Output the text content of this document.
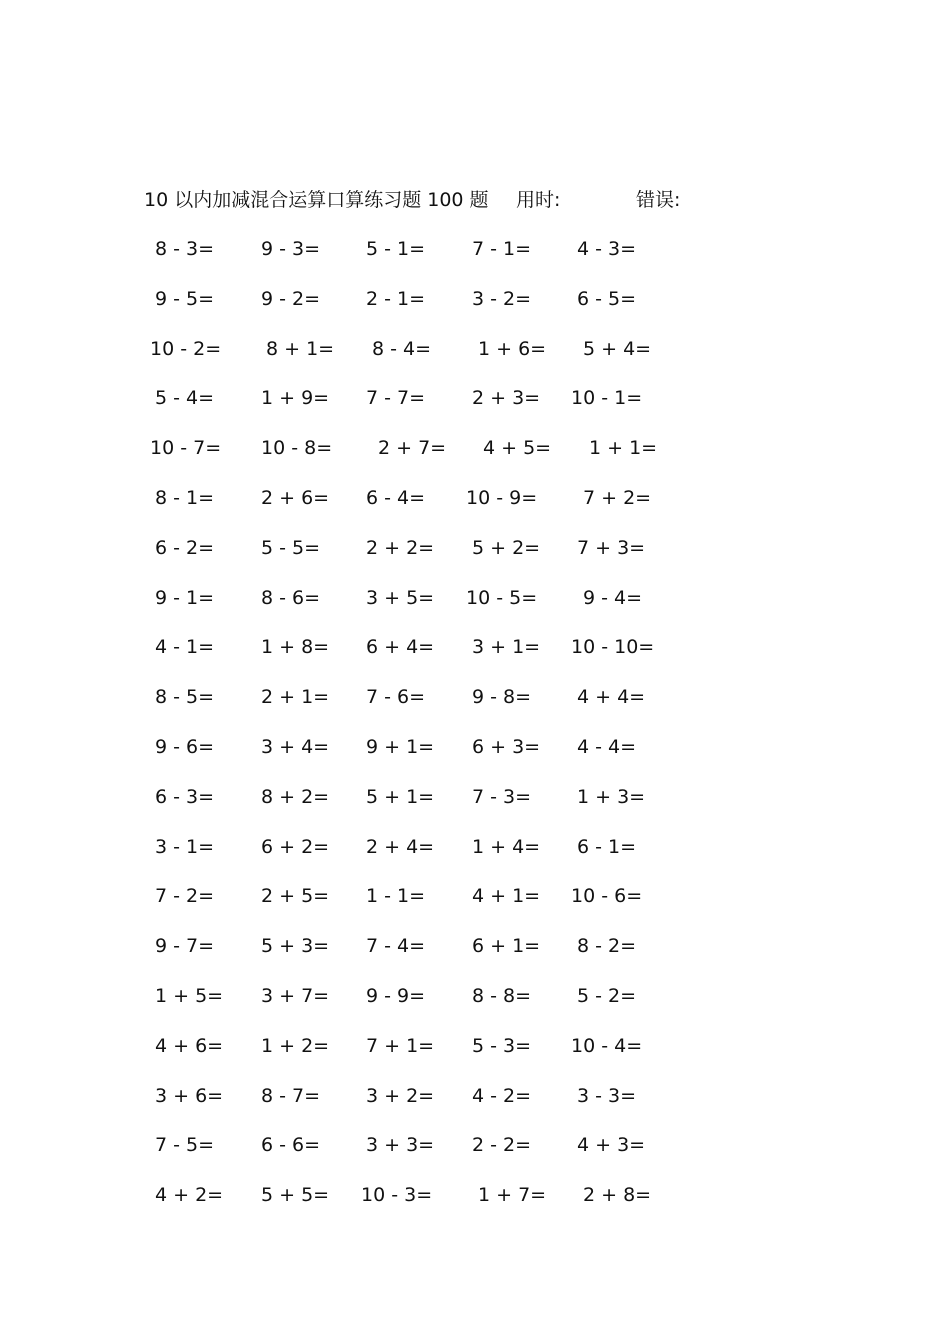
10 以内加减混合运算口算练习题 100 题 用时:	错误:
8 - 3= 9 - 3= 5 - 1= 7 - 1= 4 - 3=
9 - 5= 9 - 2= 2 - 1= 3 - 2= 6 - 5=
10 - 2= 8 + 1= 8 - 4= 1 + 6= 5 + 4=
5 - 4= 1 + 9= 7 - 7= 2 + 3= 10 - 1=
10 - 7= 10 - 8= 2 + 7= 4 + 5= 1 + 1=
8 - 1= 2 + 6= 6 - 4= 10 - 9= 7 + 2=
6 - 2= 5 - 5= 2 + 2= 5 + 2= 7 + 3=
9 - 1= 8 - 6= 3 + 5= 10 - 5= 9 - 4=
4 - 1= 1 + 8= 6 + 4= 3 + 1= 10 - 10=
8 - 5= 2 + 1= 7 - 6= 9 - 8= 4 + 4=
9 - 6= 3 + 4= 9 + 1= 6 + 3= 4 - 4=
6 - 3= 8 + 2= 5 + 1= 7 - 3= 1 + 3=
3 - 1= 6 + 2= 2 + 4= 1 + 4= 6 - 1=
7 - 2= 2 + 5= 1 - 1= 4 + 1= 10 - 6=
9 - 7= 5 + 3= 7 - 4= 6 + 1= 8 - 2=
1 + 5= 3 + 7= 9 - 9= 8 - 8= 5 - 2=
4 + 6= 1 + 2= 7 + 1= 5 - 3= 10 - 4=
3 + 6= 8 - 7= 3 + 2= 4 - 2= 3 - 3=
7 - 5= 6 - 6= 3 + 3= 2 - 2= 4 + 3=
4 + 2= 5 + 5= 10 - 3= 1 + 7= 2 + 8=
